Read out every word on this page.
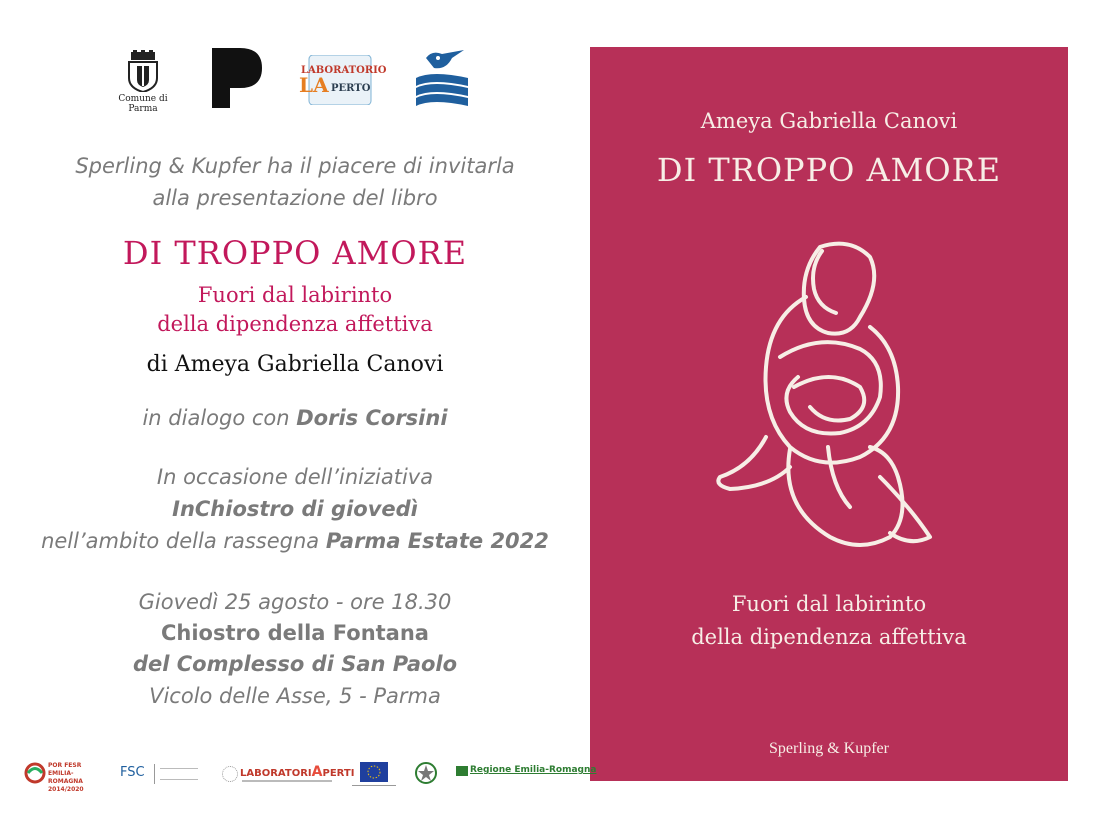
Comune di Parma
LABORATORIO
LA PERTO
Sperling & Kupfer ha il piacere di invitarla
alla presentazione del libro
DI TROPPO AMORE
Fuori dal labirinto
della dipendenza affettiva
di Ameya Gabriella Canovi
in dialogo con Doris Corsini
In occasione dell’iniziativa
InChiostro di giovedì
nell’ambito della rassegna Parma Estate 2022
Giovedì 25 agosto - ore 18.30
Chiostro della Fontana
del Complesso di San Paolo
Vicolo delle Asse, 5 - Parma
Ameya Gabriella Canovi
DI TROPPO AMORE
Fuori dal labirinto
della dipendenza affettiva
Sperling & Kupfer
POR FESR EMILIA-ROMAGNA 2014/2020
FSC	LABORATORIAPERTI	Regione Emilia-Romagna
